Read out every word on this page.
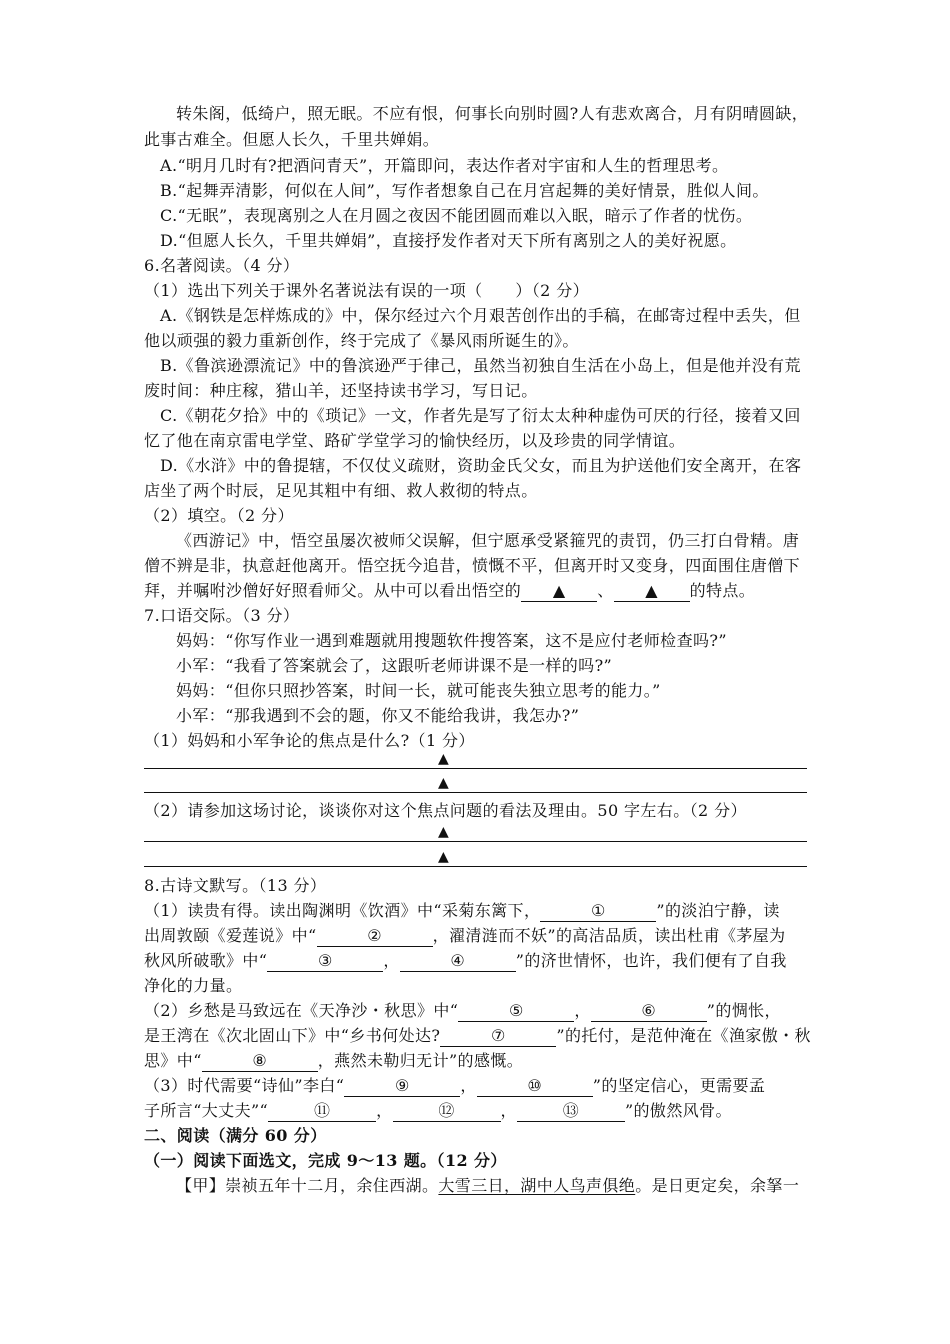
转朱阁，低绮户，照无眠。不应有恨，何事长向别时圆?人有悲欢离合，月有阴晴圆缺，
此事古难全。但愿人长久，千里共婵娟。
A.“明月几时有?把酒问青天”，开篇即问，表达作者对宇宙和人生的哲理思考。
B.“起舞弄清影，何似在人间”，写作者想象自己在月宫起舞的美好情景，胜似人间。
C.“无眠”，表现离别之人在月圆之夜因不能团圆而难以入眠，暗示了作者的忧伤。
D.“但愿人长久，千里共婵娟”，直接抒发作者对天下所有离别之人的美好祝愿。
6.名著阅读。（4 分）
（1）选出下列关于课外名著说法有误的一项（　　）（2 分）
A.《钢铁是怎样炼成的》中，保尔经过六个月艰苦创作出的手稿，在邮寄过程中丢失，但
他以顽强的毅力重新创作，终于完成了《暴风雨所诞生的》。
B.《鲁滨逊漂流记》中的鲁滨逊严于律己，虽然当初独自生活在小岛上，但是他并没有荒
废时间：种庄稼，猎山羊，还坚持读书学习，写日记。
C.《朝花夕拾》中的《琐记》一文，作者先是写了衍太太种种虚伪可厌的行径，接着又回
忆了他在南京雷电学堂、路矿学堂学习的愉快经历，以及珍贵的同学情谊。
D.《水浒》中的鲁提辖，不仅仗义疏财，资助金氏父女，而且为护送他们安全离开，在客
店坐了两个时辰，足见其粗中有细、救人救彻的特点。
（2）填空。（2 分）
《西游记》中，悟空虽屡次被师父误解，但宁愿承受紧箍咒的责罚，仍三打白骨精。唐
僧不辨是非，执意赶他离开。悟空抚今追昔，愤慨不平，但离开时又变身，四面围住唐僧下
拜，并嘱咐沙僧好好照看师父。从中可以看出悟空的 ▲ 、 ▲ 的特点。
7.口语交际。（3 分）
妈妈：“你写作业一遇到难题就用搜题软件搜答案，这不是应付老师检查吗?”
小军：“我看了答案就会了，这跟听老师讲课不是一样的吗?”
妈妈：“但你只照抄答案，时间一长，就可能丧失独立思考的能力。”
小军：“那我遇到不会的题，你又不能给我讲，我怎办?”
（1）妈妈和小军争论的焦点是什么?（1 分）
▲
▲
（2）请参加这场讨论，谈谈你对这个焦点问题的看法及理由。50 字左右。（2 分）
▲
▲
8.古诗文默写。（13 分）
（1）读贵有得。读出陶渊明《饮酒》中“采菊东篱下，	①	”的淡泊宁静，读
出周敦颐《爱莲说》中“	②	，濯清涟而不妖”的高洁品质，读出杜甫《茅屋为
秋风所破歌》中“	③	，	④	”的济世情怀，也许，我们便有了自我
净化的力量。
（2）乡愁是马致远在《天净沙・秋思》中“	⑤	，	⑥	”的惆怅，
是王湾在《次北固山下》中“乡书何处达?	⑦	”的托付，是范仲淹在《渔家傲・秋
思》中“	⑧	，燕然未勒归无计”的感慨。
（3）时代需要“诗仙”李白“	⑨	，	⑩	”的坚定信心，更需要孟
子所言“大丈夫”“	⑪	，	⑫	，	⑬	”的傲然风骨。
二、阅读（满分 60 分）
（一）阅读下面选文，完成 9～13 题。（12 分）
【甲】崇祯五年十二月，余住西湖。大雪三日，湖中人鸟声俱绝。是日更定矣，余拏一
